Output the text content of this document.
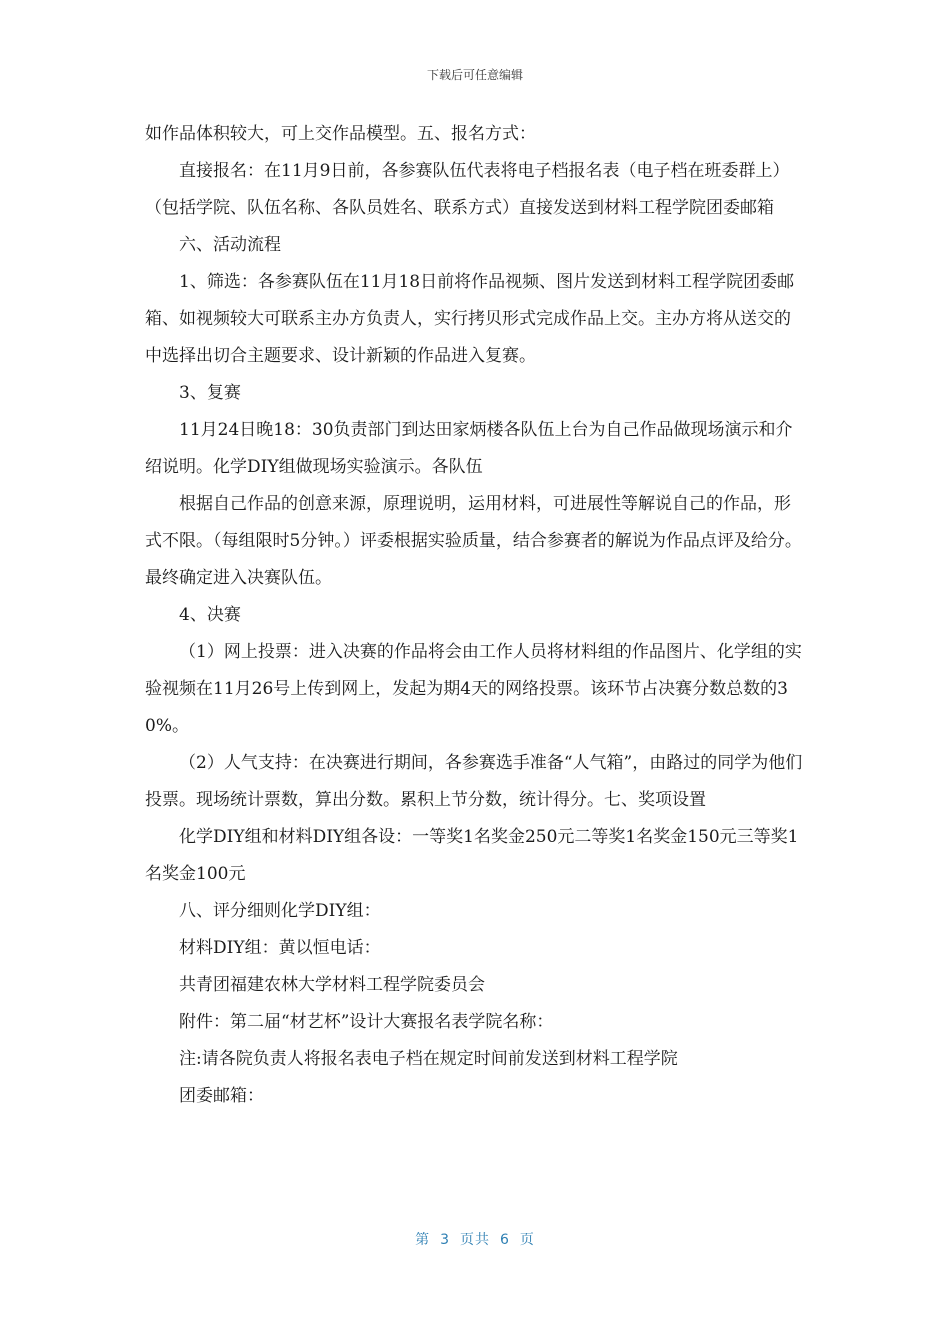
下载后可任意编辑

如作品体积较大，可上交作品模型。五、报名方式：

直接报名：在11月9日前，各参赛队伍代表将电子档报名表（电子档在班委群上）（包括学院、队伍名称、各队员姓名、联系方式）直接发送到材料工程学院团委邮箱

六、活动流程

1、筛选：各参赛队伍在11月18日前将作品视频、图片发送到材料工程学院团委邮箱、如视频较大可联系主办方负责人，实行拷贝形式完成作品上交。主办方将从送交的中选择出切合主题要求、设计新颖的作品进入复赛。

3、复赛

11月24日晚18：30负责部门到达田家炳楼各队伍上台为自己作品做现场演示和介绍说明。化学DIY组做现场实验演示。各队伍

根据自己作品的创意来源，原理说明，运用材料，可进展性等解说自己的作品，形式不限。（每组限时5分钟。）评委根据实验质量，结合参赛者的解说为作品点评及给分。最终确定进入决赛队伍。

4、决赛

（1）网上投票：进入决赛的作品将会由工作人员将材料组的作品图片、化学组的实验视频在11月26号上传到网上，发起为期4天的网络投票。该环节占决赛分数总数的30%。

（2）人气支持：在决赛进行期间，各参赛选手准备“人气箱”，由路过的同学为他们投票。现场统计票数，算出分数。累积上节分数，统计得分。七、奖项设置

化学DIY组和材料DIY组各设：一等奖1名奖金250元二等奖1名奖金150元三等奖1名奖金100元

八、评分细则化学DIY组：

材料DIY组：黄以恒电话：

共青团福建农林大学材料工程学院委员会

附件：第二届“材艺杯”设计大赛报名表学院名称：

注:请各院负责人将报名表电子档在规定时间前发送到材料工程学院

团委邮箱：

第 3 页共 6 页
